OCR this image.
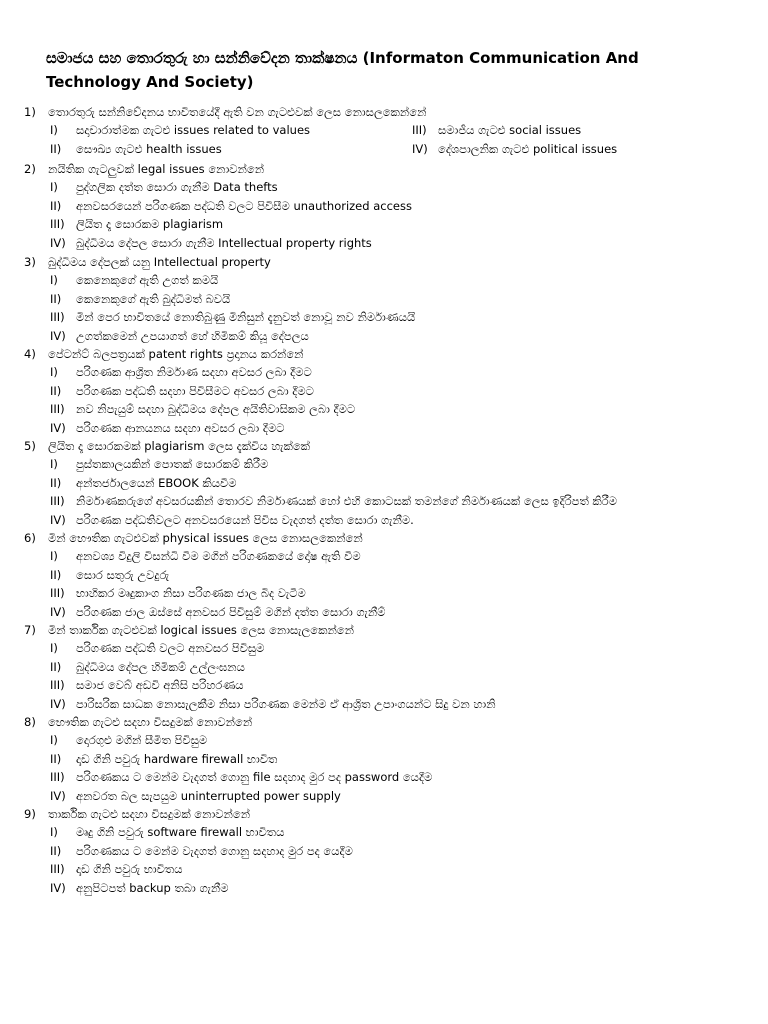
සමාජය සහ තොරතුරු හා සන්නිවේදන තාක්ෂනය (Informaton Communication And Technology And Society)
1) තොරතුරු සන්නිවේදනය භාවිතයේදී ඇති වන ගැටළුවක් ලෙස නොසලකෙන්නේ
I) සදාචාරාත්මක ගැටළු issues related to values	III) සමාජීය ගැටළු social issues
II) සෞඛ්‍ය ගැටළු health issues	IV) දේශපාලනික ගැටළු political issues
2) නයිතික ගැටලුවක් legal issues නොවන්නේ
I) පුද්ගලික දත්ත සොරා ගැනීම Data thefts
II) අනවසරයෙන් පරිගණක පද්ධති වලට පිවිසීම unauthorized access
III) ලියිත දෑ සොරකම plagiarism
IV) බුද්ධිමය දේපල සොරා ගැනීම Intellectual property rights
3) බුද්ධිමය දේපලක් යනු Intellectual property
I) කෙනෙකුගේ ඇති උගත් කමයි
II) කෙනෙකුගේ ඇති බුද්ධිමත් බවයි
III) මින් පෙර භාවිතයේ නොතිබුණු මිනිසුන් දැනුවත් නොවූ නව නිර්මාණයයි
IV) උගත්කමෙන් උපයාගත් හේ හිමිකම් කියූ දේපලය
4) පේටන්ට් බලපත්‍රයක් patent rights ප්‍රදානය කරන්නේ
I) පරිගණක ආශ්‍රිත නිර්මාණ සදහා අවසර ලබා දීමට
II) පරිගණක පද්ධති සදහා පිවිසීමට අවසර ලබා දීමට
III) නව නිපැයුම් සදහා බුද්ධිමය දේපල අයිතිවාසිකම ලබා දීමට
IV) පරිගණක ආනයනය සදහා අවසර ලබා දීමට
5) ලියිත දෑ සොරකමක් plagiarism ලෙස දැක්විය හැක්කේ
I) පුස්තකාලයකින් පොතක් සොරකම් කිරීම
II) අන්තර්ජාලයෙන් EBOOK කියවීම
III) නිර්මාණකරුගේ අවසරයකින් තොරව නිර්මාණයක් හෝ එහි කොටසක් තමන්ගේ නිර්මාණයක් ලෙස ඉදිරිපත් කිරීම
IV) පරිගණක පද්ධතිවලට අනවසරයෙන් පිවිස වැදගත් දත්ත සොරා ගැනීම.
6) මින් භෞතික ගැටළුවක් physical issues ලෙස නොසලකෙන්නේ
I) අනවශ්‍ය විදුලි විසන්ධි වීම මගින් පරිගණකයේ දෝෂ ඇති වීම
II) සොර සතුරු උවදුරු
III) භාහිකර මෘදුකාංග නිසා පරිගණක ජාල බිද වැටීම
IV) පරිගණක ජාල ඔස්සේ අනවසර පිවිසුම් මගින් දත්ත සොරා ගැනීම්
7) මින් තාර්කික ගැටළුවක් logical issues ලෙස නොසැලකෙන්නේ
I) පරිගණක පද්ධති වලට අනවසර පිවිසුම
II) බුද්ධිමය දේපල හිමිකම් උල්ලංඝනය
III) සමාජ වෙබ් අඩවි අනිසි පරිහරණය
IV) පාරිසරික සාධක නොසැලකීම නිසා පරිගණක මෙන්ම ඒ ආශ්‍රිත උපාංගයන්ට සිදු වන හානි
8) භෞතික ගැටළු සදහා විසදුමක් නොවන්නේ
I) දොරගුළු මගින් සීමිත පිවිසුම
II) දෘඩ ගිනි පවුරු hardware firewall භාවිත
III) පරිගණකය ට මෙන්ම වැදගත් ගොනු file සදහාද මුර පද password යෙදීම
IV) අනවරත බල සැපයුම uninterrupted power supply
9) තාර්කික ගැටළු සදහා විසදුමක් නොවන්නේ
I) මෘදු ගිනි පවුරු software firewall භාවිතය
II) පරිගණකය ට මෙන්ම වැදගත් ගොනු සදහාද මුර පද යෙදීම
III) දෘඩ ගිනි පවුරු භාවිතය
IV) අනුපිටපත් backup තබා ගැනීම
